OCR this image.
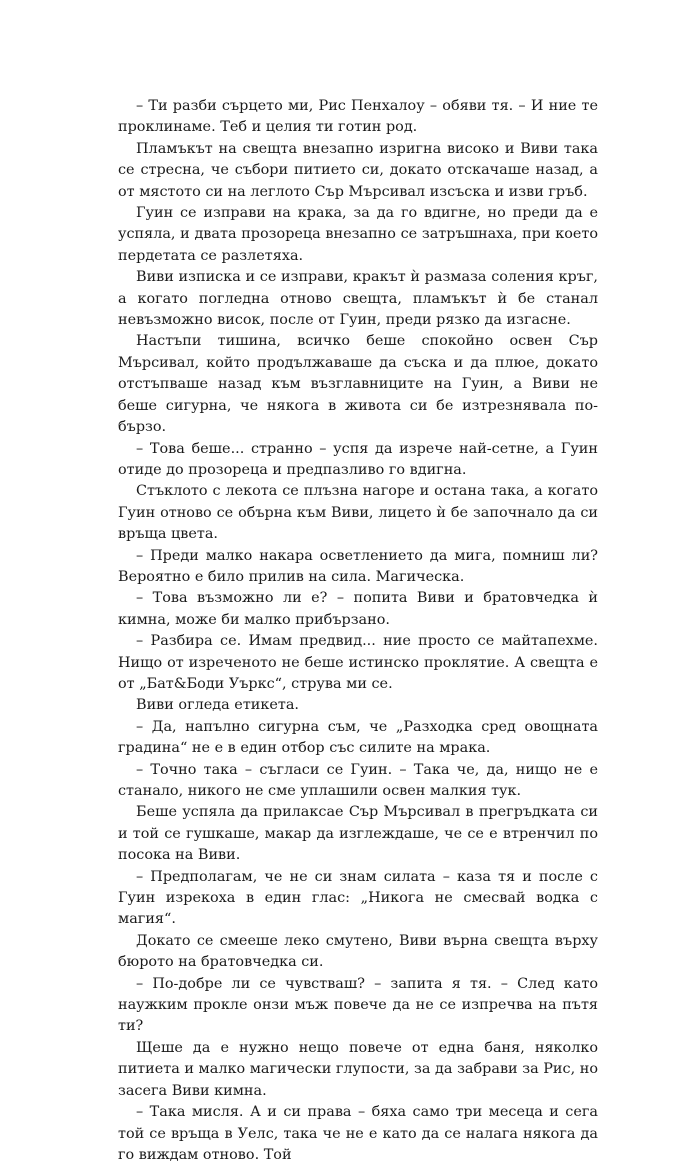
– Ти разби сърцето ми, Рис Пенхалоу – обяви тя. – И ние те проклинаме. Теб и целия ти готин род.

Пламъкът на свещта внезапно изригна високо и Виви така се стресна, че събори питието си, докато отскачаше назад, а от мястото си на леглото Сър Мърсивал изсъска и изви гръб.

Гуин се изправи на крака, за да го вдигне, но преди да е успяла, и двата прозореца внезапно се затръшнаха, при което пердетата се разлетяха.

Виви изписка и се изправи, кракът ѝ размаза соления кръг, а когато погледна отново свещта, пламъкът ѝ бе станал невъзможно висок, после от Гуин, преди рязко да изгасне.

Настъпи тишина, всичко беше спокойно освен Сър Мърсивал, който продължаваше да съска и да плюе, докато отстъпваше назад към възглавниците на Гуин, а Виви не беше сигурна, че някога в живота си бе изтрезнявала по-бързо.

– Това беше... странно – успя да изрече най-сетне, а Гуин отиде до прозореца и предпазливо го вдигна.

Стъклото с лекота се плъзна нагоре и остана така, а когато Гуин отново се обърна към Виви, лицето ѝ бе започнало да си връща цвета.

– Преди малко накара осветлението да мига, помниш ли? Вероятно е било прилив на сила. Магическа.

– Това възможно ли е? – попита Виви и братовчедка ѝ кимна, може би малко прибързано.

– Разбира се. Имам предвид... ние просто се майтапехме. Нищо от изреченото не беше истинско проклятие. А свещта е от „Бат&Боди Уъркс“, струва ми се.

Виви огледа етикета.

– Да, напълно сигурна съм, че „Разходка сред овощната градина“ не е в един отбор със силите на мрака.

– Точно така – съгласи се Гуин. – Така че, да, нищо не е станало, никого не сме уплашили освен малкия тук.

Беше успяла да прилаксае Сър Мърсивал в прегръдката си и той се гушкаше, макар да изглеждаше, че се е втренчил по посока на Виви.

– Предполагам, че не си знам силата – каза тя и после с Гуин изрекоха в един глас: „Никога не смесвай водка с магия“.

Докато се смееше леко смутено, Виви върна свещта върху бюрото на братовчедка си.

– По-добре ли се чувстваш? – запита я тя. – След като наужким прокле онзи мъж повече да не се изпречва на пътя ти?

Щеше да е нужно нещо повече от една баня, няколко питиета и малко магически глупости, за да забрави за Рис, но засега Виви кимна.

– Така мисля. А и си права – бяха само три месеца и сега той се връща в Уелс, така че не е като да се налага някога да го виждам отново. Той
